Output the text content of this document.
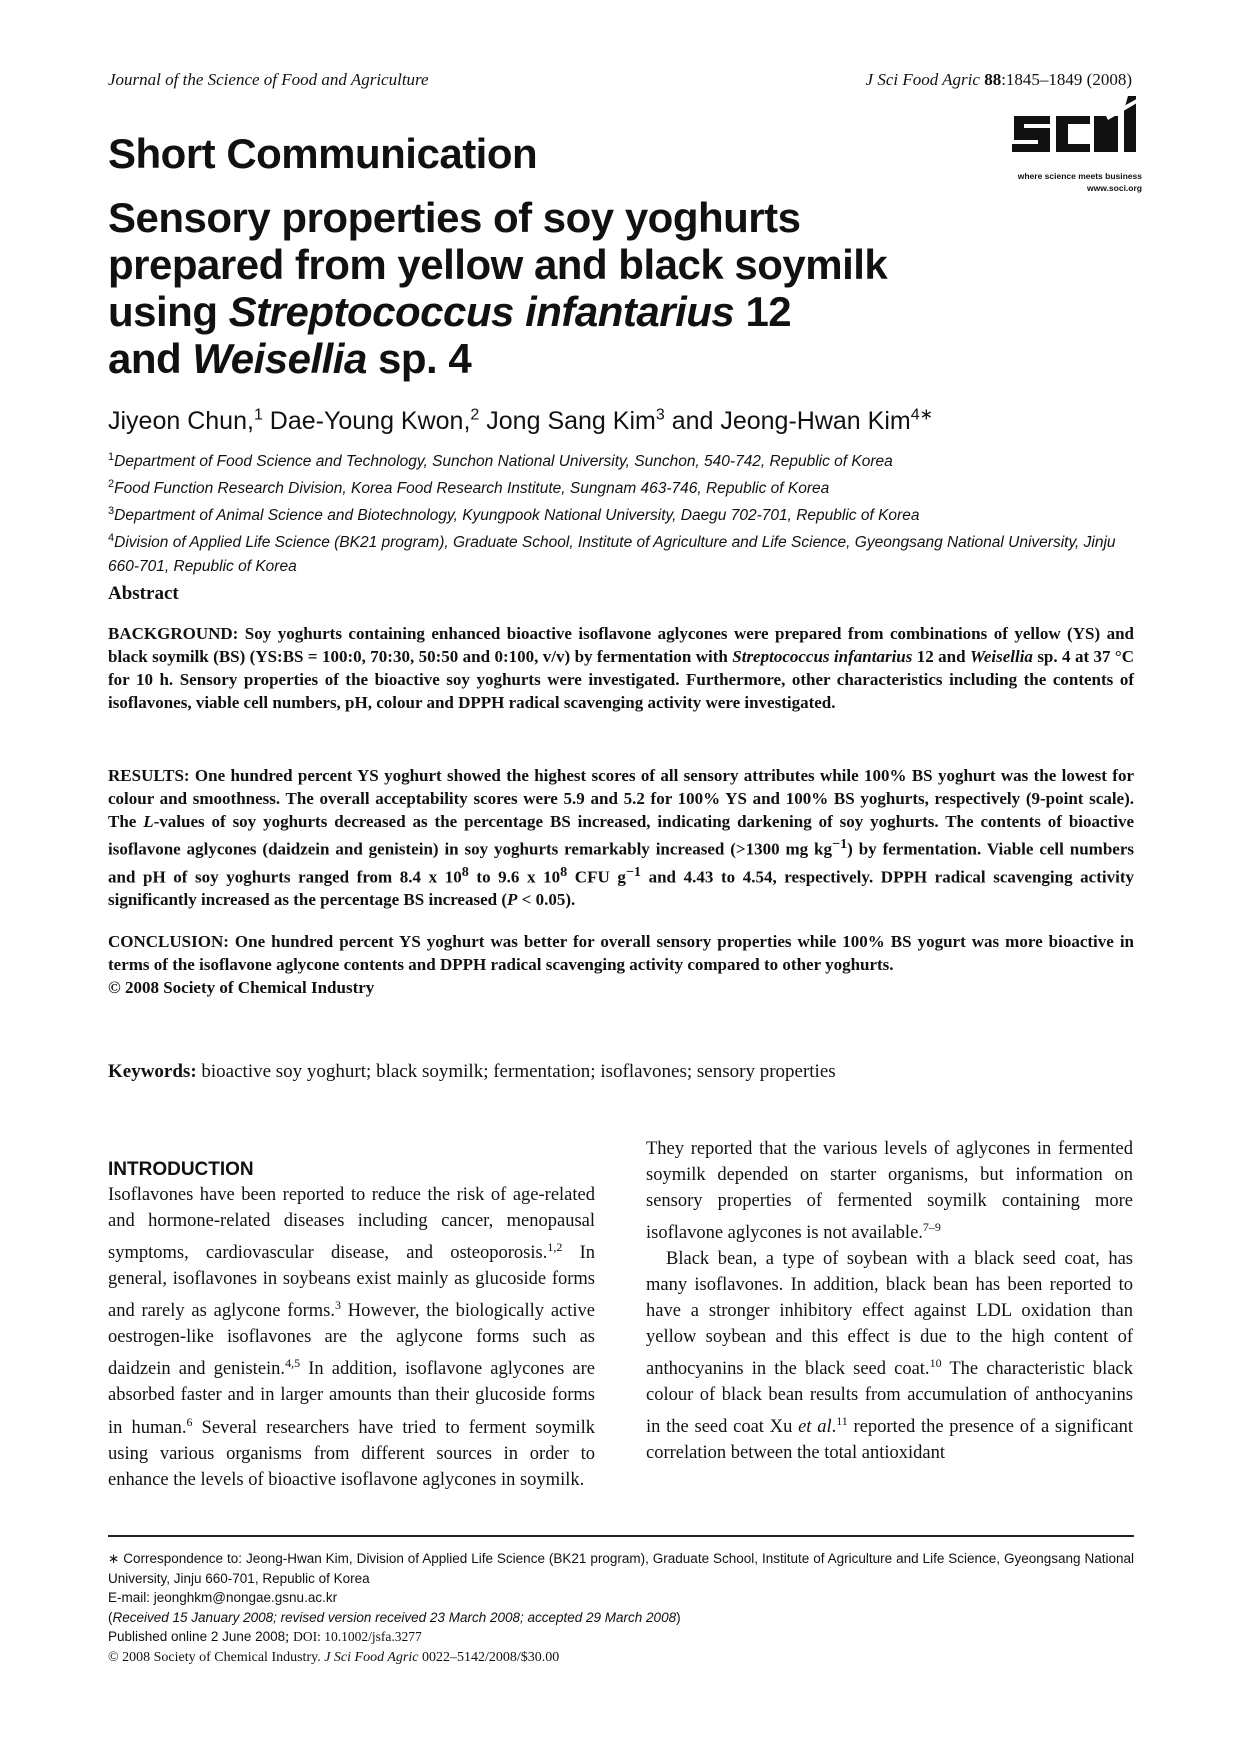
Journal of the Science of Food and Agriculture	J Sci Food Agric 88:1845–1849 (2008)
where science meets business
www.soci.org
Short Communication
Sensory properties of soy yoghurts
prepared from yellow and black soymilk
using Streptococcus infantarius 12
and Weisellia sp. 4
Jiyeon Chun,$^1$ Dae-Young Kwon,$^2$ Jong Sang Kim$^3$ and Jeong-Hwan Kim$^{4∗}$
$^1$Department of Food Science and Technology, Sunchon National University, Sunchon, 540-742, Republic of Korea
$^2$Food Function Research Division, Korea Food Research Institute, Sungnam 463-746, Republic of Korea
$^3$Department of Animal Science and Biotechnology, Kyungpook National University, Daegu 702-701, Republic of Korea
$^4$Division of Applied Life Science (BK21 program), Graduate School, Institute of Agriculture and Life Science, Gyeongsang National University, Jinju 660-701, Republic of Korea
Abstract
BACKGROUND: Soy yoghurts containing enhanced bioactive isoflavone aglycones were prepared from combinations of yellow (YS) and black soymilk (BS) (YS:BS = 100:0, 70:30, 50:50 and 0:100, v/v) by fermentation with Streptococcus infantarius 12 and Weisellia sp. 4 at 37 °C for 10 h. Sensory properties of the bioactive soy yoghurts were investigated. Furthermore, other characteristics including the contents of isoflavones, viable cell numbers, pH, colour and DPPH radical scavenging activity were investigated.
RESULTS: One hundred percent YS yoghurt showed the highest scores of all sensory attributes while 100% BS yoghurt was the lowest for colour and smoothness. The overall acceptability scores were 5.9 and 5.2 for 100% YS and 100% BS yoghurts, respectively (9-point scale). The L-values of soy yoghurts decreased as the percentage BS increased, indicating darkening of soy yoghurts. The contents of bioactive isoflavone aglycones (daidzein and genistein) in soy yoghurts remarkably increased (>1300 mg $kg^{-1}$) by fermentation. Viable cell numbers and pH of soy yoghurts ranged from 8.4 x $10^8$ to 9.6 x $10^8$ CFU $g^{-1}$ and 4.43 to 4.54, respectively. DPPH radical scavenging activity significantly increased as the percentage BS increased (P < 0.05).
CONCLUSION: One hundred percent YS yoghurt was better for overall sensory properties while 100% BS yogurt was more bioactive in terms of the isoflavone aglycone contents and DPPH radical scavenging activity compared to other yoghurts.
© 2008 Society of Chemical Industry
Keywords: bioactive soy yoghurt; black soymilk; fermentation; isoflavones; sensory properties
INTRODUCTION
Isoflavones have been reported to reduce the risk of age-related and hormone-related diseases including cancer, menopausal symptoms, cardiovascular disease, and osteoporosis.$^{1,2}$ In general, isoflavones in soybeans exist mainly as glucoside forms and rarely as aglycone forms.$^3$ However, the biologically active oestrogen-like isoflavones are the aglycone forms such as daidzein and genistein.$^{4,5}$ In addition, isoflavone aglycones are absorbed faster and in larger amounts than their glucoside forms in human.$^6$ Several researchers have tried to ferment soymilk using various organisms from different sources in order to enhance the levels of bioactive isoflavone aglycones in soymilk.
They reported that the various levels of aglycones in fermented soymilk depended on starter organisms, but information on sensory properties of fermented soymilk containing more isoflavone aglycones is not available.$^{7-9}$
Black bean, a type of soybean with a black seed coat, has many isoflavones. In addition, black bean has been reported to have a stronger inhibitory effect against LDL oxidation than yellow soybean and this effect is due to the high content of anthocyanins in the black seed coat.$^{10}$ The characteristic black colour of black bean results from accumulation of anthocyanins in the seed coat Xu et al.$^{11}$ reported the presence of a significant correlation between the total antioxidant
∗ Correspondence to: Jeong-Hwan Kim, Division of Applied Life Science (BK21 program), Graduate School, Institute of Agriculture and Life Science, Gyeongsang National University, Jinju 660-701, Republic of Korea
E-mail: jeonghkm@nongae.gsnu.ac.kr
(Received 15 January 2008; revised version received 23 March 2008; accepted 29 March 2008)
Published online 2 June 2008; DOI: 10.1002/jsfa.3277
© 2008 Society of Chemical Industry. J Sci Food Agric 0022–5142/2008/$30.00
